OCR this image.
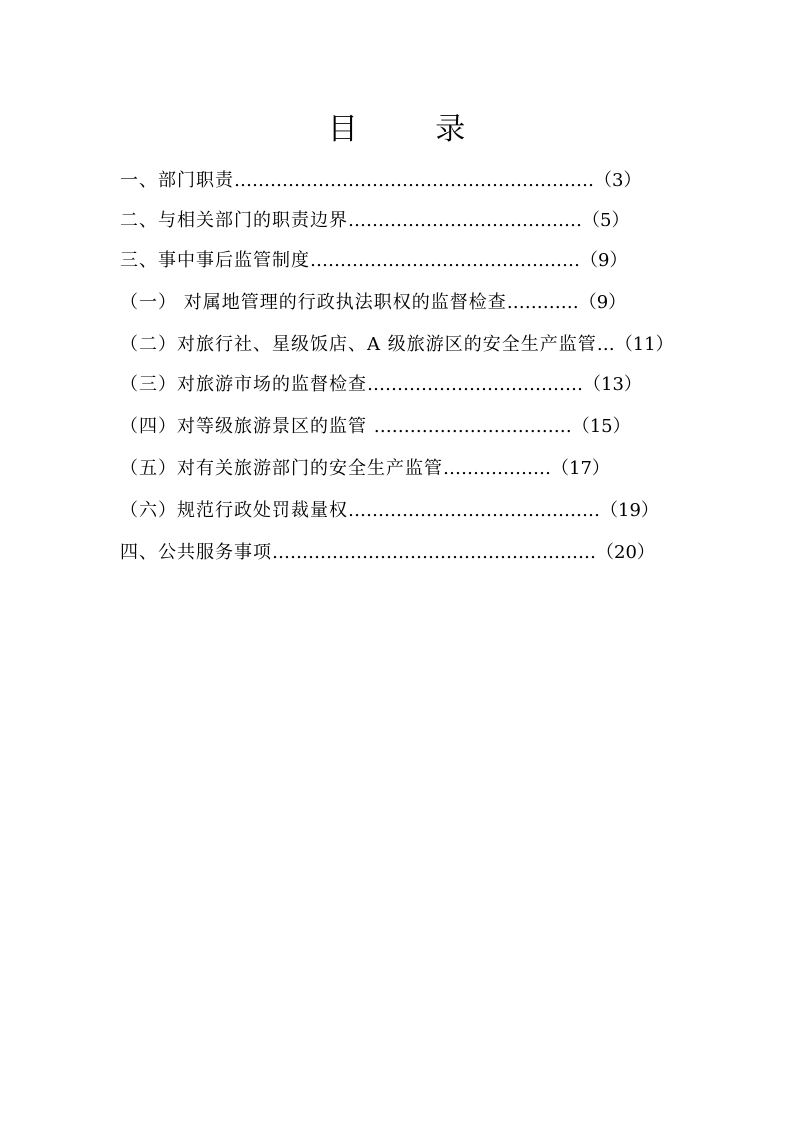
目 录
一、部门职责……………………………………………………（3）
二、与相关部门的职责边界…………………………………（5）
三、事中事后监管制度………………………………………（9）
（一） 对属地管理的行政执法职权的监督检查…………（9）
（二）对旅行社、星级饭店、A 级旅游区的安全生产监管…（11）
（三）对旅游市场的监督检查………………………………（13）
（四）对等级旅游景区的监管 ……………………………（15）
（五）对有关旅游部门的安全生产监管………………（17）
（六）规范行政处罚裁量权……………………………………（19）
四、公共服务事项………………………………………………（20）
